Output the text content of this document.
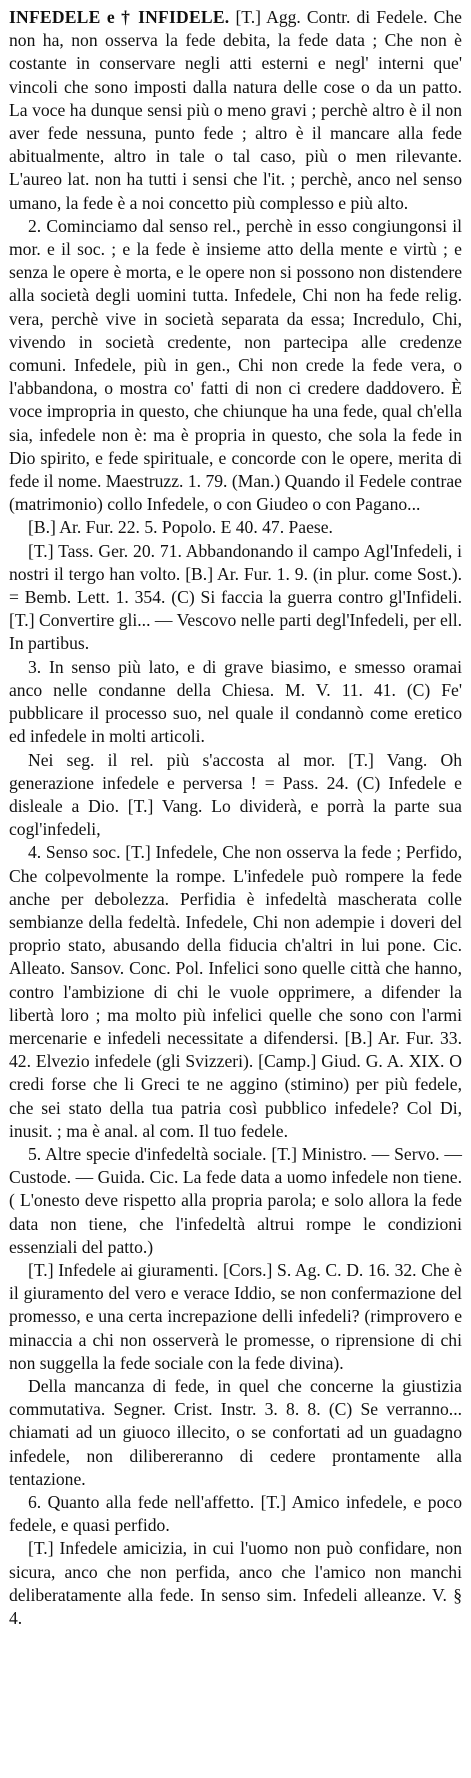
INFEDELE e † INFIDELE. [T.] Agg. Contr. di Fedele. Che non ha, non osserva la fede debita, la fede data ; Che non è costante in conservare negli atti esterni e negl' interni que' vincoli che sono imposti dalla natura delle cose o da un patto. La voce ha dunque sensi più o meno gravi ; perchè altro è il non aver fede nessuna, punto fede ; altro è il mancare alla fede abitualmente, altro in tale o tal caso, più o men rilevante. L'aureo lat. non ha tutti i sensi che l'it. ; perchè, anco nel senso umano, la fede è a noi concetto più complesso e più alto.

2. Cominciamo dal senso rel., perchè in esso congiungonsi il mor. e il soc. ; e la fede è insieme atto della mente e virtù ; e senza le opere è morta, e le opere non si possono non distendere alla società degli uomini tutta. Infedele, Chi non ha fede relig. vera, perchè vive in società separata da essa; Incredulo, Chi, vivendo in società credente, non partecipa alle credenze comuni. Infedele, più in gen., Chi non crede la fede vera, o l'abbandona, o mostra co' fatti di non ci credere daddovero. È voce impropria in questo, che chiunque ha una fede, qual ch'ella sia, infedele non è: ma è propria in questo, che sola la fede in Dio spirito, e fede spirituale, e concorde con le opere, merita di fede il nome. Maestruzz. 1. 79. (Man.) Quando il Fedele contrae (matrimonio) collo Infedele, o con Giudeo o con Pagano...

[B.] Ar. Fur. 22. 5. Popolo. E 40. 47. Paese.

[T.] Tass. Ger. 20. 71. Abbandonando il campo Agl'Infedeli, i nostri il tergo han volto. [B.] Ar. Fur. 1. 9. (in plur. come Sost.). = Bemb. Lett. 1. 354. (C) Si faccia la guerra contro gl'Infideli. [T.] Convertire gli... — Vescovo nelle parti degl'Infedeli, per ell. In partibus.

3. In senso più lato, e di grave biasimo, e smesso oramai anco nelle condanne della Chiesa. M. V. 11. 41. (C) Fe' pubblicare il processo suo, nel quale il condannò come eretico ed infedele in molti articoli.

Nei seg. il rel. più s'accosta al mor. [T.] Vang. Oh generazione infedele e perversa ! = Pass. 24. (C) Infedele e disleale a Dio. [T.] Vang. Lo dividerà, e porrà la parte sua cogl'infedeli,

4. Senso soc. [T.] Infedele, Che non osserva la fede ; Perfido, Che colpevolmente la rompe. L'infedele può rompere la fede anche per debolezza. Perfidia è infedeltà mascherata colle sembianze della fedeltà. Infedele, Chi non adempie i doveri del proprio stato, abusando della fiducia ch'altri in lui pone. Cic. Alleato. Sansov. Conc. Pol. Infelici sono quelle città che hanno, contro l'ambizione di chi le vuole opprimere, a difender la libertà loro ; ma molto più infelici quelle che sono con l'armi mercenarie e infedeli necessitate a difendersi. [B.] Ar. Fur. 33. 42. Elvezio infedele (gli Svizzeri). [Camp.] Giud. G. A. XIX. O credi forse che li Greci te ne aggino (stimino) per più fedele, che sei stato della tua patria così pubblico infedele? Col Di, inusit. ; ma è anal. al com. Il tuo fedele.

5. Altre specie d'infedeltà sociale. [T.] Ministro. — Servo. — Custode. — Guida. Cic. La fede data a uomo infedele non tiene. ( L'onesto deve rispetto alla propria parola; e solo allora la fede data non tiene, che l'infedeltà altrui rompe le condizioni essenziali del patto.)

[T.] Infedele ai giuramenti. [Cors.] S. Ag. C. D. 16. 32. Che è il giuramento del vero e verace Iddio, se non confermazione del promesso, e una certa increpazione delli infedeli? (rimprovero e minaccia a chi non osserverà le promesse, o riprensione di chi non suggella la fede sociale con la fede divina).

Della mancanza di fede, in quel che concerne la giustizia commutativa. Segner. Crist. Instr. 3. 8. 8. (C) Se verranno... chiamati ad un giuoco illecito, o se confortati ad un guadagno infedele, non dilibereranno di cedere prontamente alla tentazione.

6. Quanto alla fede nell'affetto. [T.] Amico infedele, e poco fedele, e quasi perfido.

[T.] Infedele amicizia, in cui l'uomo non può confidare, non sicura, anco che non perfida, anco che l'amico non manchi deliberatamente alla fede. In senso sim. Infedeli alleanze. V. § 4.
